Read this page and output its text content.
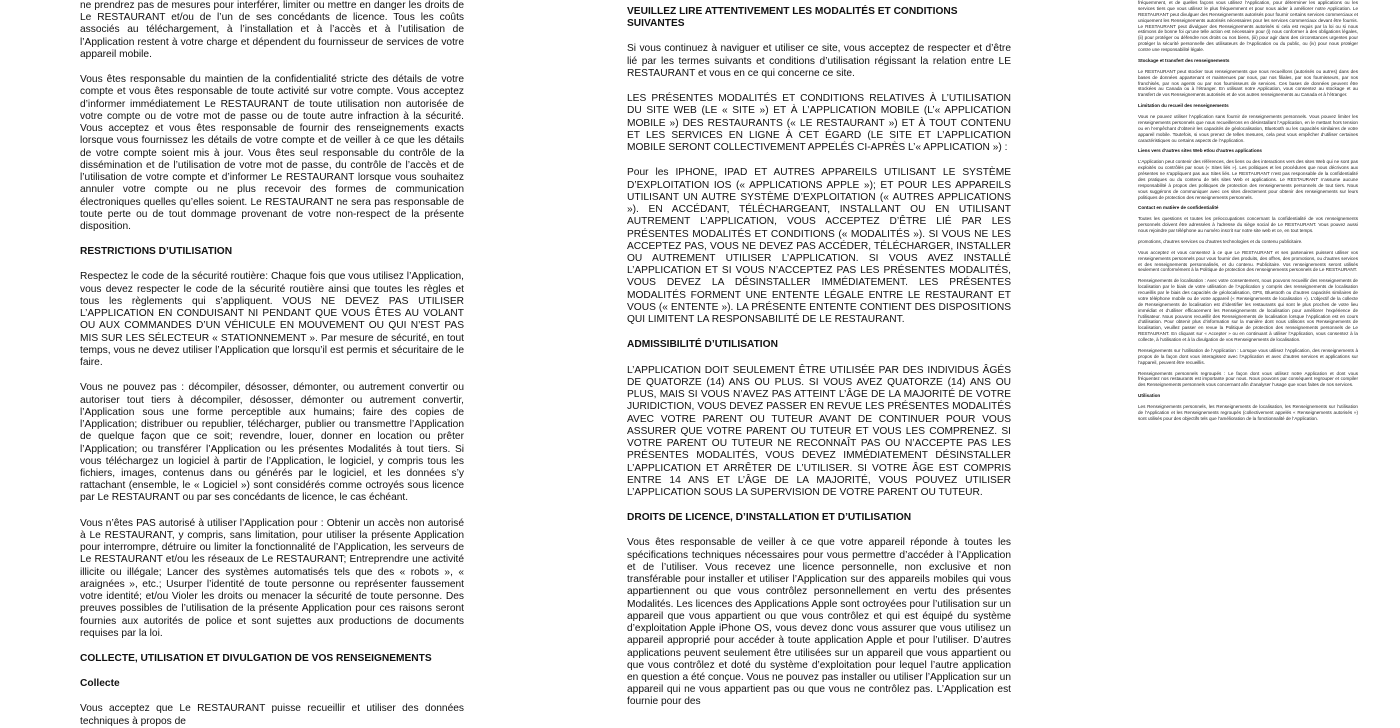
ne prendrez pas de mesures pour interférer, limiter ou mettre en danger les droits de Le RESTAURANT et/ou de l’un de ses concédants de licence. Tous les coûts associés au téléchargement, à l’installation et à l’accès et à l’utilisation de l’Application restent à votre charge et dépendent du fournisseur de services de votre appareil mobile.

Vous êtes responsable du maintien de la confidentialité stricte des détails de votre compte et vous êtes responsable de toute activité sur votre compte. Vous acceptez d’informer immédiatement Le RESTAURANT de toute utilisation non autorisée de votre compte ou de votre mot de passe ou de toute autre infraction à la sécurité. Vous acceptez et vous êtes responsable de fournir des renseignements exacts lorsque vous fournissez les détails de votre compte et de veiller à ce que les détails de votre compte soient mis à jour. Vous êtes seul responsable du contrôle de la dissémination et de l’utilisation de votre mot de passe, du contrôle de l’accès et de l’utilisation de votre compte et d’informer Le RESTAURANT lorsque vous souhaitez annuler votre compte ou ne plus recevoir des formes de communication électroniques quelles qu’elles soient. Le RESTAURANT ne sera pas responsable de toute perte ou de tout dommage provenant de votre non-respect de la présente disposition.

RESTRICTIONS D’UTILISATION

Respectez le code de la sécurité routière: Chaque fois que vous utilisez l’Application, vous devez respecter le code de la sécurité routière ainsi que toutes les règles et tous les règlements qui s’appliquent. VOUS NE DEVEZ PAS UTILISER L’APPLICATION EN CONDUISANT NI PENDANT QUE VOUS ÊTES AU VOLANT OU AUX COMMANDES D’UN VÉHICULE EN MOUVEMENT OU QUI N’EST PAS MIS SUR LES SÉLECTEUR « STATIONNEMENT ». Par mesure de sécurité, en tout temps, vous ne devez utiliser l’Application que lorsqu’il est permis et sécuritaire de le faire.

Vous ne pouvez pas : décompiler, désosser, démonter, ou autrement convertir ou autoriser tout tiers à décompiler, désosser, démonter ou autrement convertir, l’Application sous une forme perceptible aux humains; faire des copies de l’Application; distribuer ou republier, télécharger, publier ou transmettre l’Application de quelque façon que ce soit; revendre, louer, donner en location ou prêter l’Application; ou transférer l’Application ou les présentes Modalités à tout tiers. Si vous téléchargez un logiciel à partir de l’Application, le logiciel, y compris tous les fichiers, images, contenus dans ou générés par le logiciel, et les données s’y rattachant (ensemble, le « Logiciel ») sont considérés comme octroyés sous licence par Le RESTAURANT ou par ses concédants de licence, le cas échéant.

Vous n’êtes PAS autorisé à utiliser l’Application pour : Obtenir un accès non autorisé à Le RESTAURANT, y compris, sans limitation, pour utiliser la présente Application pour interrompre, détruire ou limiter la fonctionnalité de l’Application, les serveurs de Le RESTAURANT et/ou les réseaux de Le RESTAURANT; Entreprendre une activité illicite ou illégale; Lancer des systèmes automatisés tels que des « robots », « araignées », etc.; Usurper l’identité de toute personne ou représenter faussement votre identité; et/ou Violer les droits ou menacer la sécurité de toute personne. Des preuves possibles de l’utilisation de la présente Application pour ces raisons seront fournies aux autorités de police et sont sujettes aux productions de documents requises par la loi.

COLLECTE, UTILISATION ET DIVULGATION DE VOS RENSEIGNEMENTS
Collecte

Vous acceptez que Le RESTAURANT puisse recueillir et utiliser des données techniques à propos de

VEUILLEZ LIRE ATTENTIVEMENT LES MODALITÉS ET CONDITIONS SUIVANTES

Si vous continuez à naviguer et utiliser ce site, vous acceptez de respecter et d’être lié par les termes suivants et conditions d’utilisation régissant la relation entre LE RESTAURANT et vous en ce qui concerne ce site.

LES PRÉSENTES MODALITÉS ET CONDITIONS RELATIVES À L’UTILISATION DU SITE WEB (LE « SITE ») ET À L’APPLICATION MOBILE (L’« APPLICATION MOBILE ») DES RESTAURANTS (« LE RESTAURANT ») ET À TOUT CONTENU ET LES SERVICES EN LIGNE À CET ÉGARD (LE SITE ET L’APPLICATION MOBILE SERONT COLLECTIVEMENT APPELÉS CI-APRÈS L’« APPLICATION ») :

Pour les IPHONE, IPAD ET AUTRES APPAREILS UTILISANT LE SYSTÈME D’EXPLOITATION IOS (« APPLICATIONS APPLE »); ET POUR LES APPAREILS UTILISANT UN AUTRE SYSTÈME D’EXPLOITATION (« AUTRES APPLICATIONS »). EN ACCÉDANT, TÉLÉCHARGEANT, INSTALLANT OU EN UTILISANT AUTREMENT L’APPLICATION, VOUS ACCEPTEZ D’ÊTRE LIÉ PAR LES PRÉSENTES MODALITÉS ET CONDITIONS (« MODALITÉS »). SI VOUS NE LES ACCEPTEZ PAS, VOUS NE DEVEZ PAS ACCÉDER, TÉLÉCHARGER, INSTALLER OU AUTREMENT UTILISER L’APPLICATION. SI VOUS AVEZ INSTALLÉ L’APPLICATION ET SI VOUS N’ACCEPTEZ PAS LES PRÉSENTES MODALITÉS, VOUS DEVEZ LA DÉSINSTALLER IMMÉDIATEMENT. LES PRÉSENTES MODALITÉS FORMENT UNE ENTENTE LÉGALE ENTRE LE RESTAURANT ET VOUS (« ENTENTE »). LA PRÉSENTE ENTENTE CONTIENT DES DISPOSITIONS QUI LIMITENT LA RESPONSABILITÉ DE LE RESTAURANT.

ADMISSIBILITÉ D’UTILISATION

L’APPLICATION DOIT SEULEMENT ÊTRE UTILISÉE PAR DES INDIVIDUS ÂGÉS DE QUATORZE (14) ANS OU PLUS. SI VOUS AVEZ QUATORZE (14) ANS OU PLUS, MAIS SI VOUS N’AVEZ PAS ATTEINT L’ÂGE DE LA MAJORITÉ DE VOTRE JURIDICTION, VOUS DEVEZ PASSER EN REVUE LES PRÉSENTES MODALITÉS AVEC VOTRE PARENT OU TUTEUR AVANT DE CONTINUER POUR VOUS ASSURER QUE VOTRE PARENT OU TUTEUR ET VOUS LES COMPRENEZ. SI VOTRE PARENT OU TUTEUR NE RECONNAÎT PAS OU N’ACCEPTE PAS LES PRÉSENTES MODALITÉS, VOUS DEVEZ IMMÉDIATEMENT DÉSINSTALLER L’APPLICATION ET ARRÊTER DE L’UTILISER. SI VOTRE ÂGE EST COMPRIS ENTRE 14 ANS ET L’ÂGE DE LA MAJORITÉ, VOUS POUVEZ UTILISER L’APPLICATION SOUS LA SUPERVISION DE VOTRE PARENT OU TUTEUR.

DROITS DE LICENCE, D’INSTALLATION ET D’UTILISATION

Vous êtes responsable de veiller à ce que votre appareil réponde à toutes les spécifications techniques nécessaires pour vous permettre d’accéder à l’Application et de l’utiliser. Vous recevez une licence personnelle, non exclusive et non transférable pour installer et utiliser l’Application sur des appareils mobiles qui vous appartiennent ou que vous contrôlez personnellement en vertu des présentes Modalités. Les licences des Applications Apple sont octroyées pour l’utilisation sur un appareil que vous appartient ou que vous contrôlez et qui est équipé du système d’exploitation Apple iPhone OS, vous devez donc vous assurer que vous utilisez un appareil approprié pour accéder à toute application Apple et pour l’utiliser. D’autres applications peuvent seulement être utilisées sur un appareil que vous appartient ou que vous contrôlez et doté du système d’exploitation pour lequel l’autre application en question a été conçue. Vous ne pouvez pas installer ou utiliser l’Application sur un appareil qui ne vous appartient pas ou que vous ne contrôlez pas. L’Application est fournie pour des

fréquemment, et de quelles façons vous utilisez l’Application, pour déterminer les applications ou les services tiers que vous utilisez le plus fréquemment et pour nous aider à améliorer notre Application. Le RESTAURANT peut divulguer des Renseignements autorisés pour fournir certains services commerciaux et uniquement les Renseignements autorisés nécessaires pour les services commerciaux devant être fournis. Le RESTAURANT peut divulguer des Renseignements autorisés si cela est requis par la loi ou si nous estimons de bonne foi qu’une telle action est nécessaire pour (i) nous conformer à des obligations légales, (ii) pour protéger ou défendre nos droits ou nos biens, (iii) pour agir dans des circonstances urgentes pour protéger la sécurité personnelle des utilisateurs de l’Application ou du public, ou (iv) pour nous protéger contre une responsabilité légale.

Stockage et transfert des renseignements

Le RESTAURANT peut stocker tous renseignements que nous recueillons (autorisés ou autres) dans des bases de données appartenant et maintenues par nous, par nos filiales, par nos fournisseurs, par nos franchisés, par nos agents ou par nos fournisseurs de services. Ces bases de données peuvent être stockées au Canada ou à l’étranger. En utilisant notre Application, vous consentez au stockage et au transfert de vos Renseignements autorisés et de vos autres renseignements au Canada et à l’étranger.

Limitation du recueil des renseignements

Vous ne pouvez utiliser l’Application sans fournir de renseignements personnels. Vous pouvez limiter les renseignements personnels que nous recueillerons en désinstallant l’Application, en le mettant hors tension ou en l’empêchant d’obtenir les capacités de géolocalisation, Bluetooth ou les capacités similaires de votre appareil mobile. Toutefois, si vous prenez de telles mesures, cela peut vous empêcher d’utiliser certaines caractéristiques ou certains aspects de l’Application.

Liens vers d’autres sites Web et/ou d’autres applications

L’Application peut contenir des références, des liens ou des interactions vers des sites Web qui ne sont pas exploités ou contrôlés par nous (« Sites liés »). Les politiques et les procédures que nous décrivons aux présentes ne s’appliquent pas aux Sites liés. Le RESTAURANT n’est pas responsable de la confidentialité des pratiques ou du contenu de tels sites Web et applications. Le RESTAURANT n’assume aucune responsabilité à propos des politiques de protection des renseignements personnels de tout tiers. Nous vous suggérons de communiquer avec ces sites directement pour obtenir des renseignements sur leurs politiques de protection des renseignements personnels.

Contact en matière de confidentialité

Toutes les questions et toutes les préoccupations concernant la confidentialité de vos renseignements personnels doivent être adressées à l’adresse du siège social de Le RESTAURANT. Vous pouvez aussi nous rejoindre par téléphone au numéro inscrit sur notre site web et ce, en tout temps.

promotions, d’autres services ou d’autres technologies et du contenu publicitaire.

Vous acceptez et vous consentez à ce que Le RESTAURANT et ses partenaires puissent utiliser vos renseignements personnels pour vous fournir des produits, des offres, des promotions, ou d’autres services et des renseignements personnalisés, et du contenu. Publicitaire. Vos renseignements seront utilisés seulement conformément à la Politique de protection des renseignements personnels de Le RESTAURANT.

Renseignements de localisation : Avec votre consentement, nous pouvons recueillir des renseignements de localisation par le biais de votre utilisation de l’Application y compris des renseignements de localisation recueillis par le biais des capacités de géolocalisation, GPS, Bluetooth ou d’autres capacités similaires de votre téléphone mobile ou de votre appareil (« Renseignements de localisation »). L’objectif de la collecte de Renseignements de localisation est d’identifier les restaurants qui sont le plus proches de votre lieu immédiat et d’utiliser efficacement les Renseignements de localisation pour améliorer l’expérience de l’utilisateur. Nous pouvons recueillir des Renseignements de localisation lorsque l’Application est en cours d’utilisation. Pour obtenir plus d’information sur la manière dont nous utilisons vos Renseignements de localisation, veuillez passer en revue la Politique de protection des renseignements personnels de Le RESTAURANT. En cliquant sur « Accepter » ou en continuant à utiliser l’Application, vous consentez à la collecte, à l’utilisation et à la divulgation de vos Renseignements de localisation.

Renseignements sur l’utilisation de l’Application : Lorsque vous utilisez l’Application, des renseignements à propos de la façon dont vous interagissez avec l’Application et avec d’autres services et applications sur l’appareil, peuvent être recueillis.

Renseignements personnels regroupés : Le façon dont vous utilisez notre Application et dont vous fréquentez nos restaurants est importante pour nous. Nous pouvons par conséquent regrouper et compiler des Renseignements personnels vous concernant afin d’analyser l’usage que vous faites de nos services.

Utilisation

Les Renseignements personnels, les Renseignements de localisation, les Renseignements sur l’utilisation de l’Application et les Renseignements regroupés (collectivement appelés « Renseignements autorisés ») sont utilisés pour des objectifs tels que l’amélioration de la fonctionnalité de l’Application.
